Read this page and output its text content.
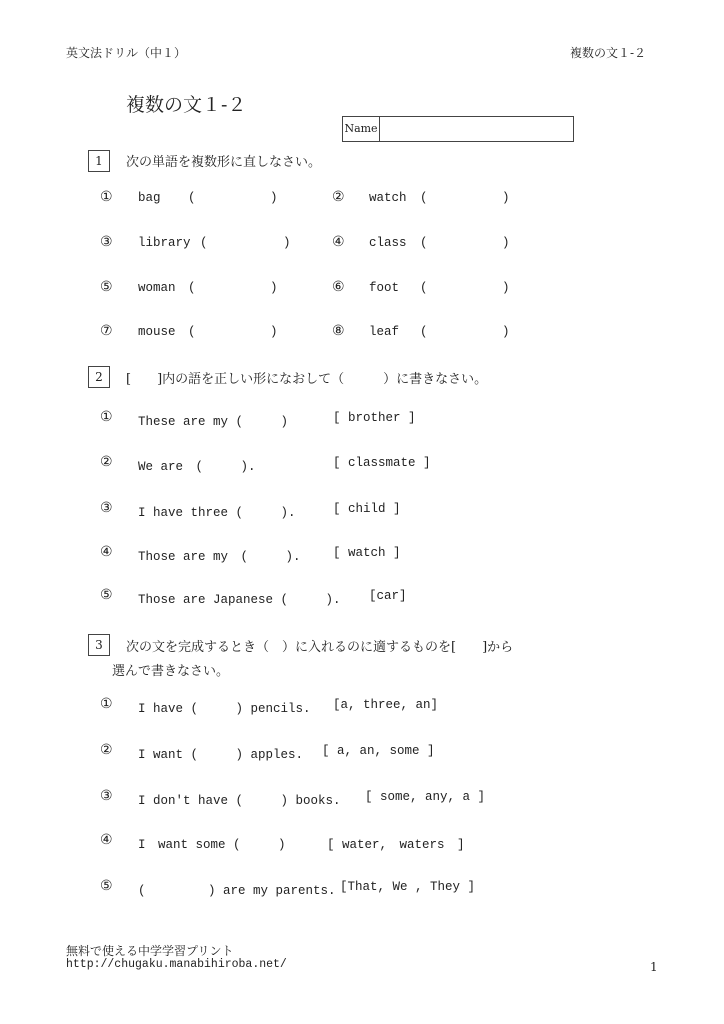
英文法ドリル（中１）	複数の文１-２
複数の文１-２
Name
1	次の単語を複数形に直しなさい。
① bag (	)	② watch (	)
③ library (	)	④ class (	)
⑤ woman (	)	⑥ foot (	)
⑦ mouse (	)	⑧ leaf (	)
2	[　　]内の語を正しい形になおして（　　　）に書きなさい。
① These are my (　　　)	[ brother ]
② We are　(　　　).	[ classmate ]
③ I have three (　　　).	[ child ]
④ Those are my　(　　　).	[ watch ]
⑤ Those are Japanese (　　　). [car]
3	次の文を完成するとき（　）に入れるのに適するものを[　　]から
選んで書きなさい。
① I have (　　　) pencils. [a, three, an]
② I want (　　　) apples. [ a, an, some ]
③ I don't have (　　　) books. [ some, any, a ]
④ I　want some (　　　)	[ water,　waters　]
⑤ (　　　　　) are my parents. [That, We , They ]
無料で使える中学学習プリント
http://chugaku.manabihiroba.net/	1
